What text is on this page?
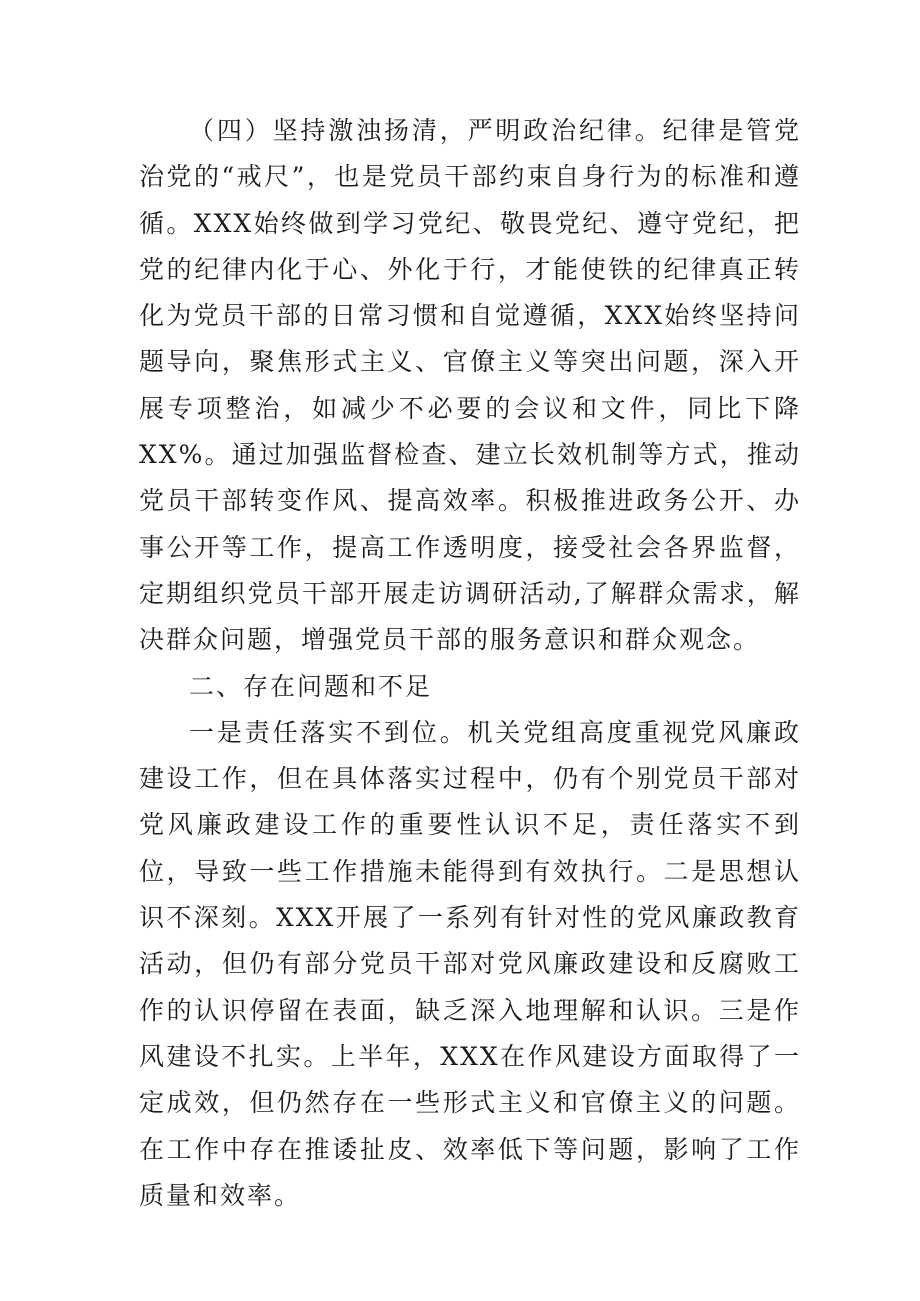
（四）坚持激浊扬清，严明政治纪律。纪律是管党治党的“戒尺”，也是党员干部约束自身行为的标准和遵循。XXX始终做到学习党纪、敬畏党纪、遵守党纪，把党的纪律内化于心、外化于行，才能使铁的纪律真正转化为党员干部的日常习惯和自觉遵循，XXX始终坚持问题导向，聚焦形式主义、官僚主义等突出问题，深入开展专项整治，如减少不必要的会议和文件，同比下降XX%。通过加强监督检查、建立长效机制等方式，推动党员干部转变作风、提高效率。积极推进政务公开、办事公开等工作，提高工作透明度，接受社会各界监督，定期组织党员干部开展走访调研活动,了解群众需求，解决群众问题，增强党员干部的服务意识和群众观念。

二、存在问题和不足

一是责任落实不到位。机关党组高度重视党风廉政建设工作，但在具体落实过程中，仍有个别党员干部对党风廉政建设工作的重要性认识不足，责任落实不到位，导致一些工作措施未能得到有效执行。二是思想认识不深刻。XXX开展了一系列有针对性的党风廉政教育活动，但仍有部分党员干部对党风廉政建设和反腐败工作的认识停留在表面，缺乏深入地理解和认识。三是作风建设不扎实。上半年，XXX在作风建设方面取得了一定成效，但仍然存在一些形式主义和官僚主义的问题。在工作中存在推诿扯皮、效率低下等问题，影响了工作质量和效率。
